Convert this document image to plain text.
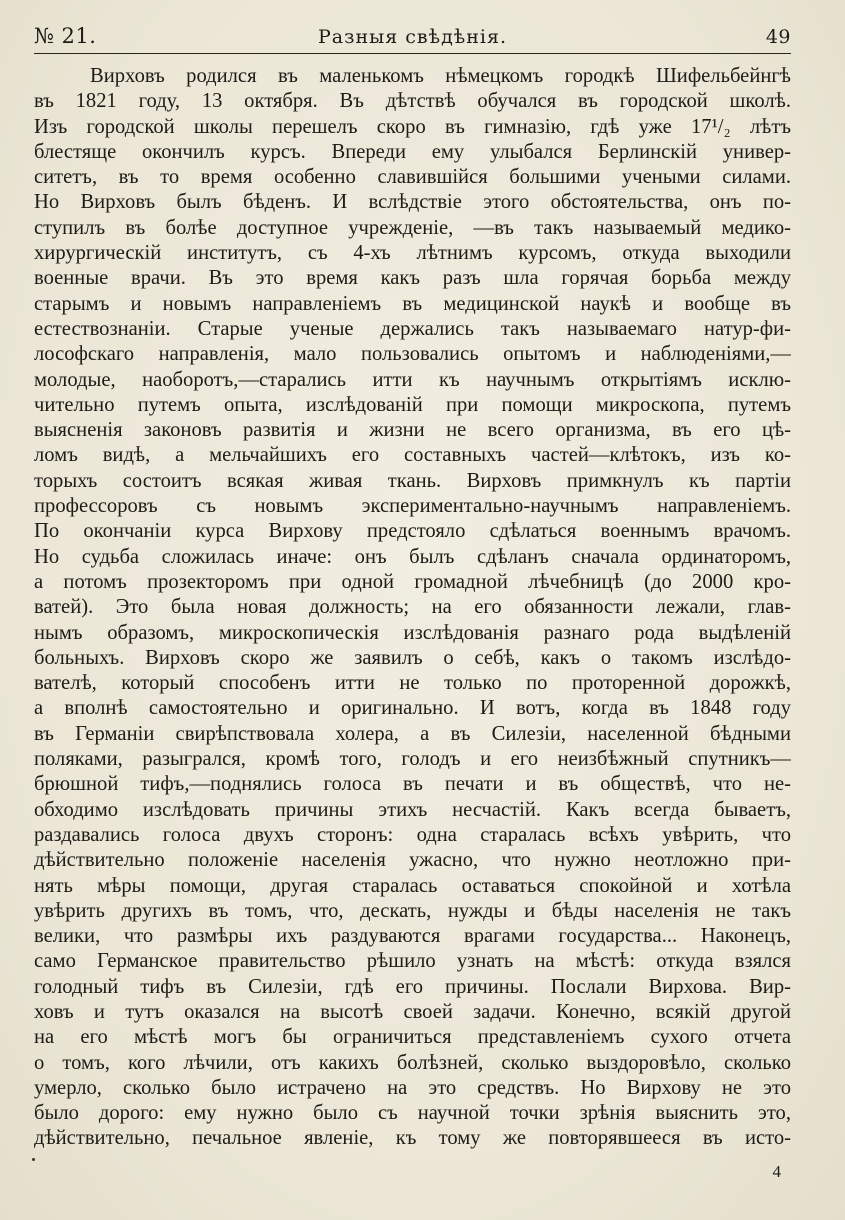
№ 21.	Разныя свѣдѣнія.	49
Вирховъ родился въ маленькомъ нѣмецкомъ городкѣ Шифельбейнгѣ
въ 1821 году, 13 октября. Въ дѣтствѣ обучался въ городской школѣ.
Изъ городской школы перешелъ скоро въ гимназію, гдѣ уже 17¹/₂ лѣтъ
блестяще окончилъ курсъ. Впереди ему улыбался Берлинскій универ-
ситетъ, въ то время особенно славившійся большими учеными силами.
Но Вирховъ былъ бѣденъ. И вслѣдствіе этого обстоятельства, онъ по-
ступилъ въ болѣе доступное учрежденіе, —въ такъ называемый медико-
хирургическій институтъ, съ 4-хъ лѣтнимъ курсомъ, откуда выходили
военные врачи. Въ это время какъ разъ шла горячая борьба между
старымъ и новымъ направленіемъ въ медицинской наукѣ и вообще въ
естествознаніи. Старые ученые держались такъ называемаго натур-фи-
лософскаго направленія, мало пользовались опытомъ и наблюденіями,—
молодые, наоборотъ,—старались итти къ научнымъ открытіямъ исклю-
чительно путемъ опыта, изслѣдованій при помощи микроскопа, путемъ
выясненія законовъ развитія и жизни не всего организма, въ его цѣ-
ломъ видѣ, а мельчайшихъ его составныхъ частей—клѣтокъ, изъ ко-
торыхъ состоитъ всякая живая ткань. Вирховъ примкнулъ къ партіи
профессоровъ съ новымъ экспериментально-научнымъ направленіемъ.
По окончаніи курса Вирхову предстояло сдѣлаться военнымъ врачомъ.
Но судьба сложилась иначе: онъ былъ сдѣланъ сначала ординаторомъ,
а потомъ прозекторомъ при одной громадной лѣчебницѣ (до 2000 кро-
ватей). Это была новая должность; на его обязанности лежали, глав-
нымъ образомъ, микроскопическія изслѣдованія разнаго рода выдѣленій
больныхъ. Вирховъ скоро же заявилъ о себѣ, какъ о такомъ изслѣдо-
вателѣ, который способенъ итти не только по проторенной дорожкѣ,
а вполнѣ самостоятельно и оригинально. И вотъ, когда въ 1848 году
въ Германіи свирѣпствовала холера, а въ Силезіи, населенной бѣдными
поляками, разыгрался, кромѣ того, голодъ и его неизбѣжный спутникъ—
брюшной тифъ,—поднялись голоса въ печати и въ обществѣ, что не-
обходимо изслѣдовать причины этихъ несчастій. Какъ всегда бываетъ,
раздавались голоса двухъ сторонъ: одна старалась всѣхъ увѣрить, что
дѣйствительно положеніе населенія ужасно, что нужно неотложно при-
нять мѣры помощи, другая старалась оставаться спокойной и хотѣла
увѣрить другихъ въ томъ, что, дескать, нужды и бѣды населенія не такъ
велики, что размѣры ихъ раздуваются врагами государства... Наконецъ,
само Германское правительство рѣшило узнать на мѣстѣ: откуда взялся
голодный тифъ въ Силезіи, гдѣ его причины. Послали Вирхова. Вир-
ховъ и тутъ оказался на высотѣ своей задачи. Конечно, всякій другой
на его мѣстѣ могъ бы ограничиться представленіемъ сухого отчета
о томъ, кого лѣчили, отъ какихъ болѣзней, сколько выздоровѣло, сколько
умерло, сколько было истрачено на это средствъ. Но Вирхову не это
было дорого: ему нужно было съ научной точки зрѣнія выяснить это,
дѣйствительно, печальное явленіе, къ тому же повторявшееся въ исто-
4
